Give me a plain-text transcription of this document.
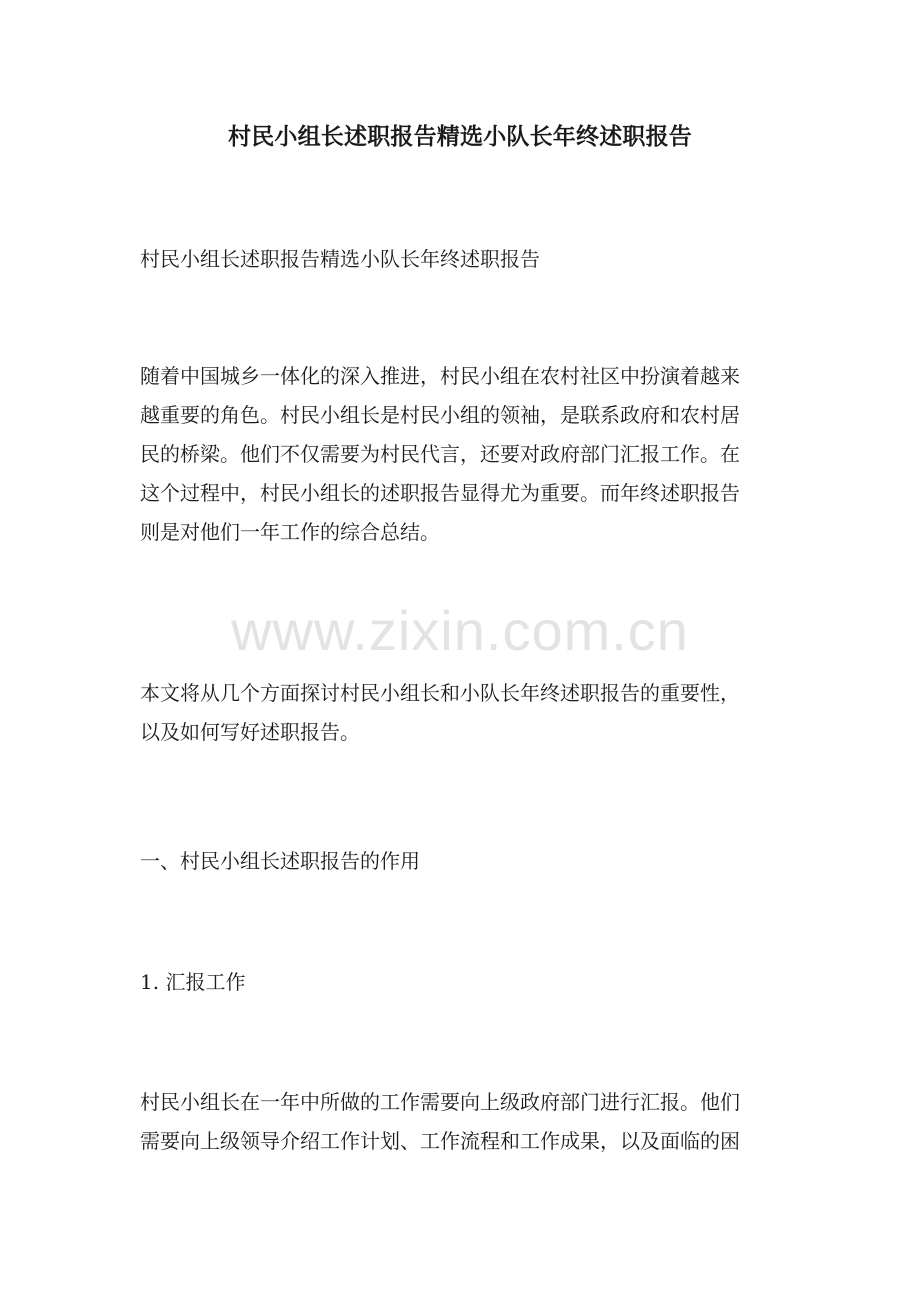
村民小组长述职报告精选小队长年终述职报告

村民小组长述职报告精选小队长年终述职报告

随着中国城乡一体化的深入推进，村民小组在农村社区中扮演着越来
越重要的角色。村民小组长是村民小组的领袖，是联系政府和农村居
民的桥梁。他们不仅需要为村民代言，还要对政府部门汇报工作。在
这个过程中，村民小组长的述职报告显得尤为重要。而年终述职报告
则是对他们一年工作的综合总结。
www.zixin.com.cn
本文将从几个方面探讨村民小组长和小队长年终述职报告的重要性，
以及如何写好述职报告。

一、村民小组长述职报告的作用

1. 汇报工作

村民小组长在一年中所做的工作需要向上级政府部门进行汇报。他们
需要向上级领导介绍工作计划、工作流程和工作成果，以及面临的困
